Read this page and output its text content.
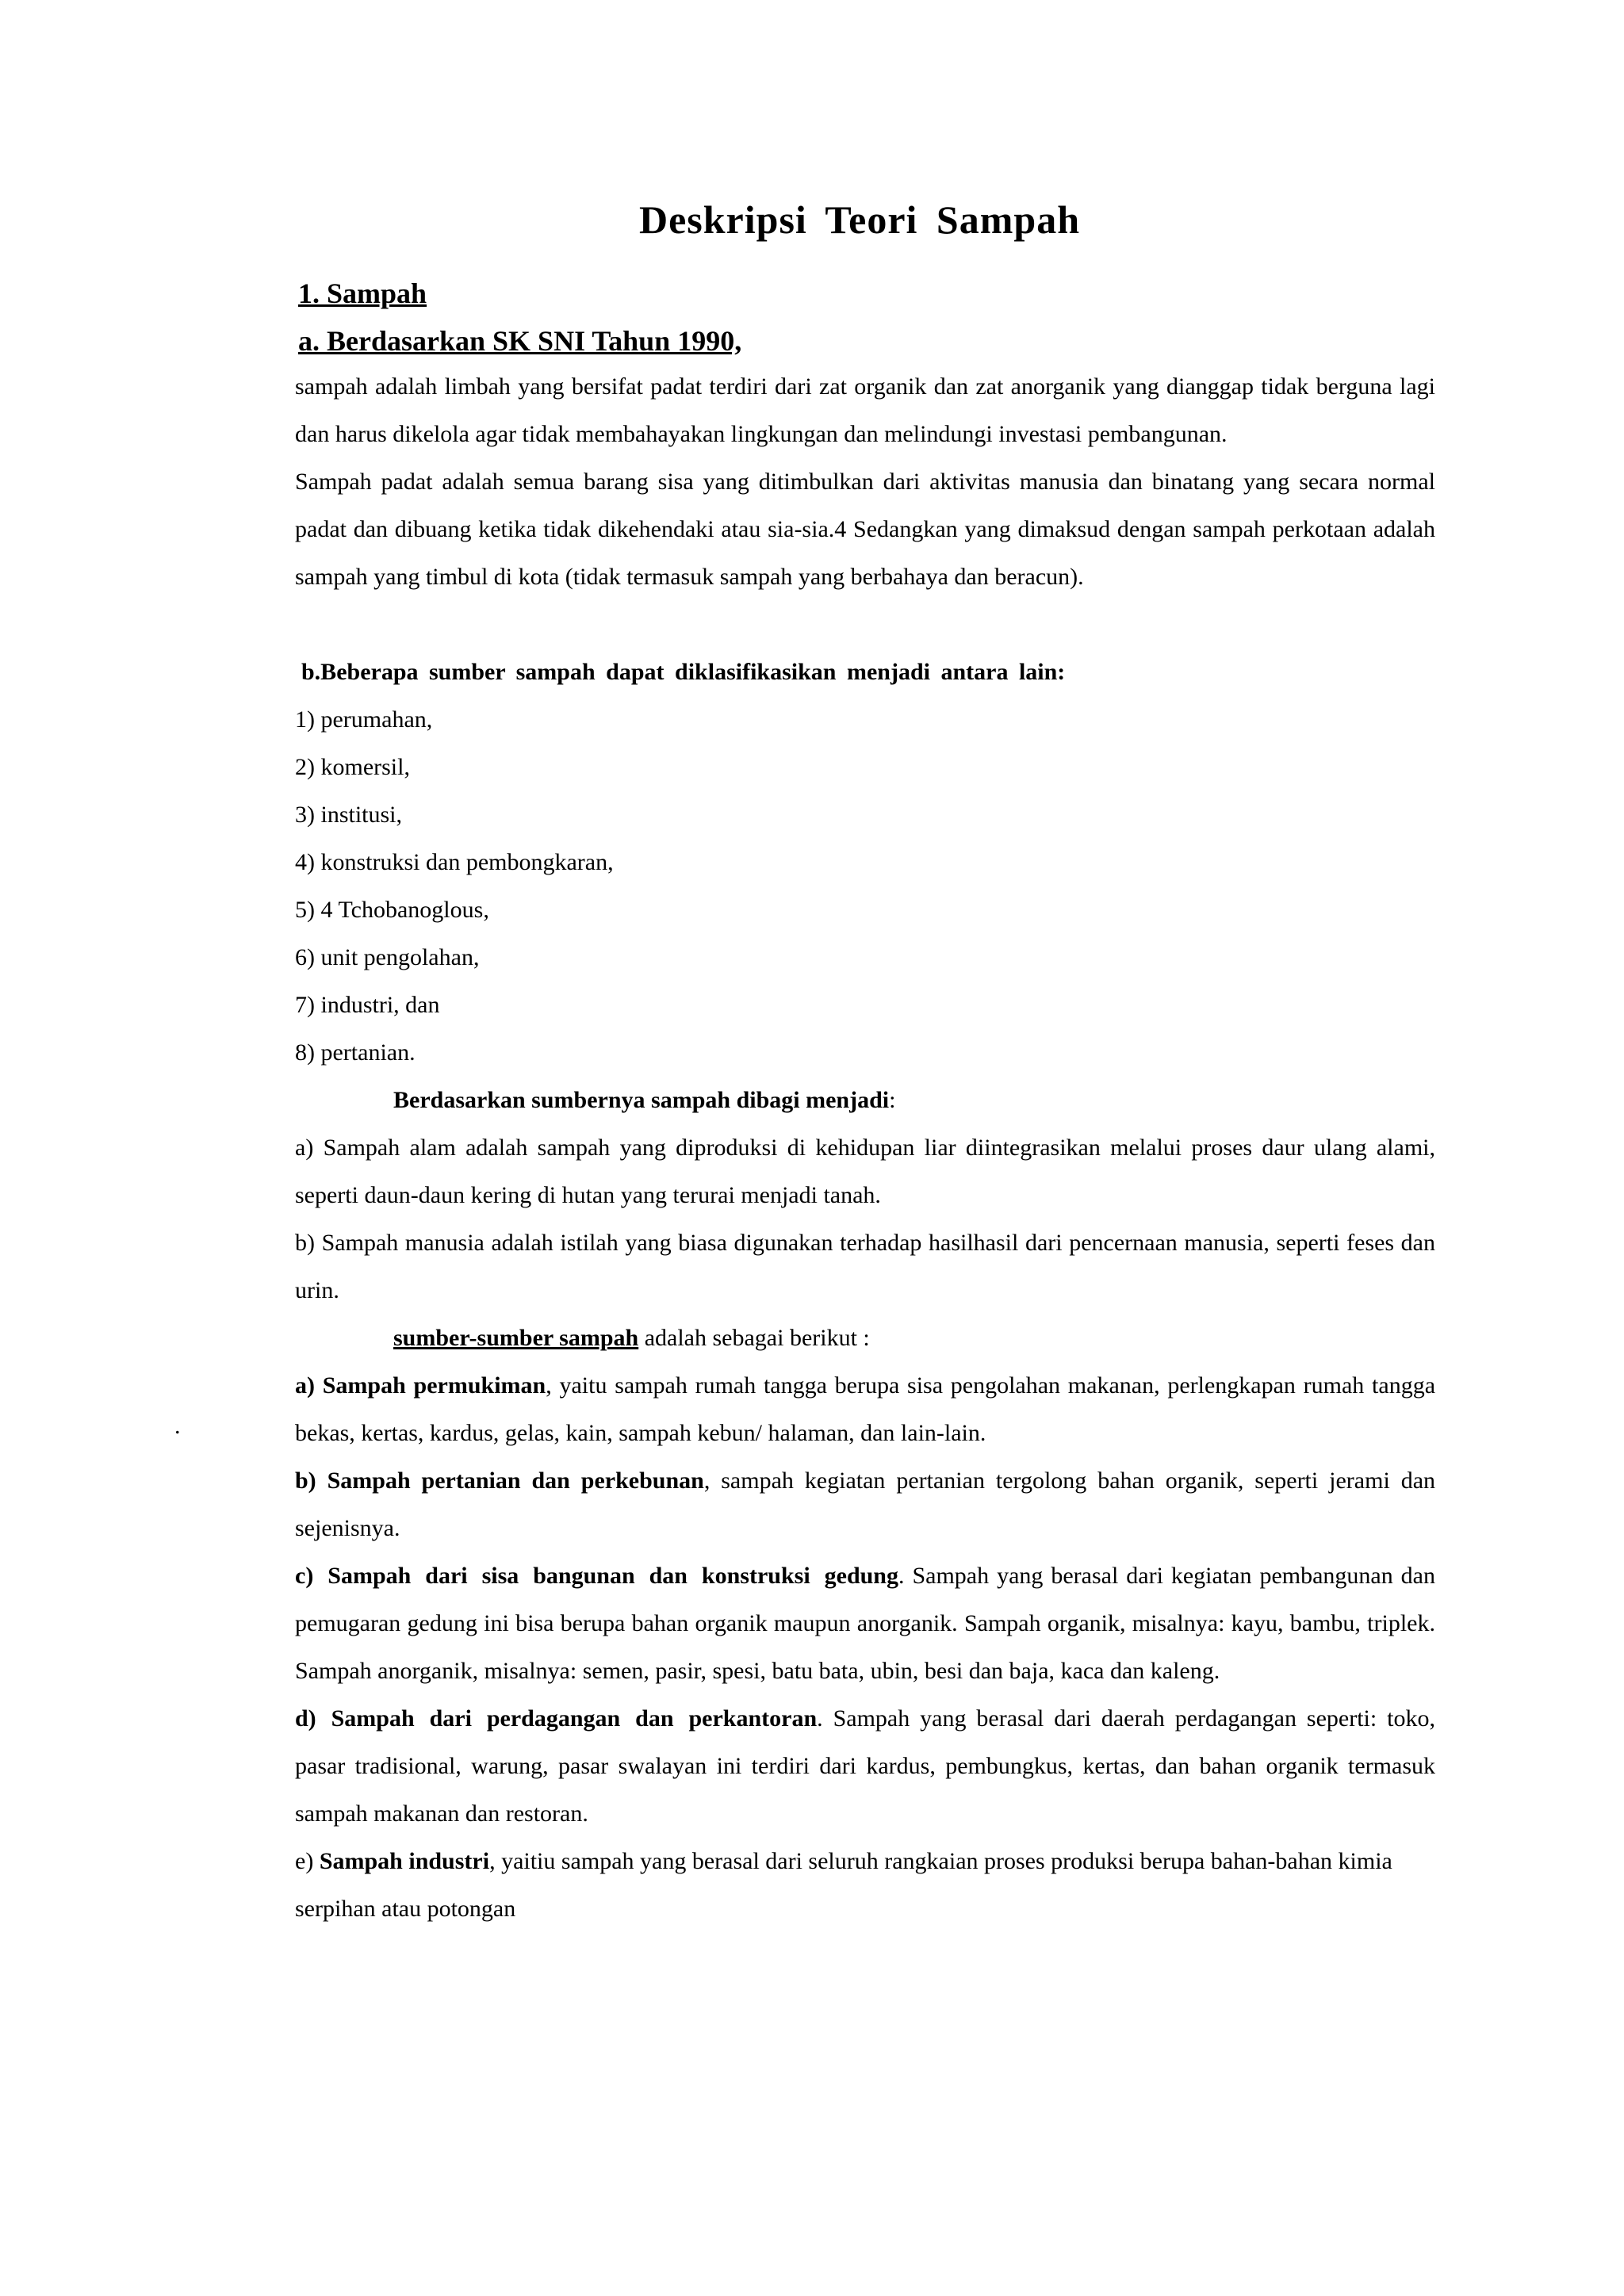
Deskripsi Teori Sampah
.

1. Sampah

a. Berdasarkan SK SNI Tahun 1990,

sampah adalah limbah yang bersifat padat terdiri dari zat organik dan zat anorganik yang dianggap tidak berguna lagi dan harus dikelola agar tidak membahayakan lingkungan dan melindungi investasi pembangunan.

Sampah padat adalah semua barang sisa yang ditimbulkan dari aktivitas manusia dan binatang yang secara normal padat dan dibuang ketika tidak dikehendaki atau sia-sia.4 Sedangkan yang dimaksud dengan sampah perkotaan adalah sampah yang timbul di kota (tidak termasuk sampah yang berbahaya dan beracun).

b.Beberapa sumber sampah dapat diklasifikasikan menjadi antara lain:

1) perumahan,
2) komersil,
3) institusi,
4) konstruksi dan pembongkaran,
5) 4 Tchobanoglous,
6) unit pengolahan,
7) industri, dan
8) pertanian.

Berdasarkan sumbernya sampah dibagi menjadi:

a) Sampah alam adalah sampah yang diproduksi di kehidupan liar diintegrasikan melalui proses daur ulang alami, seperti daun-daun kering di hutan yang terurai menjadi tanah.

b) Sampah manusia adalah istilah yang biasa digunakan terhadap hasilhasil dari pencernaan manusia, seperti feses dan urin.

sumber-sumber sampah adalah sebagai berikut :

a) Sampah permukiman, yaitu sampah rumah tangga berupa sisa pengolahan makanan, perlengkapan rumah tangga bekas, kertas, kardus, gelas, kain, sampah kebun/ halaman, dan lain-lain.

b) Sampah pertanian dan perkebunan, sampah kegiatan pertanian tergolong bahan organik, seperti jerami dan sejenisnya.

c) Sampah dari sisa bangunan dan konstruksi gedung. Sampah yang berasal dari kegiatan pembangunan dan pemugaran gedung ini bisa berupa bahan organik maupun anorganik. Sampah organik, misalnya: kayu, bambu, triplek. Sampah anorganik, misalnya: semen, pasir, spesi, batu bata, ubin, besi dan baja, kaca dan kaleng.

d) Sampah dari perdagangan dan perkantoran. Sampah yang berasal dari daerah perdagangan seperti: toko, pasar tradisional, warung, pasar swalayan ini terdiri dari kardus, pembungkus, kertas, dan bahan organik termasuk sampah makanan dan restoran.

e) Sampah industri, yaitiu sampah yang berasal dari seluruh rangkaian proses produksi berupa bahan-bahan kimia serpihan atau potongan
